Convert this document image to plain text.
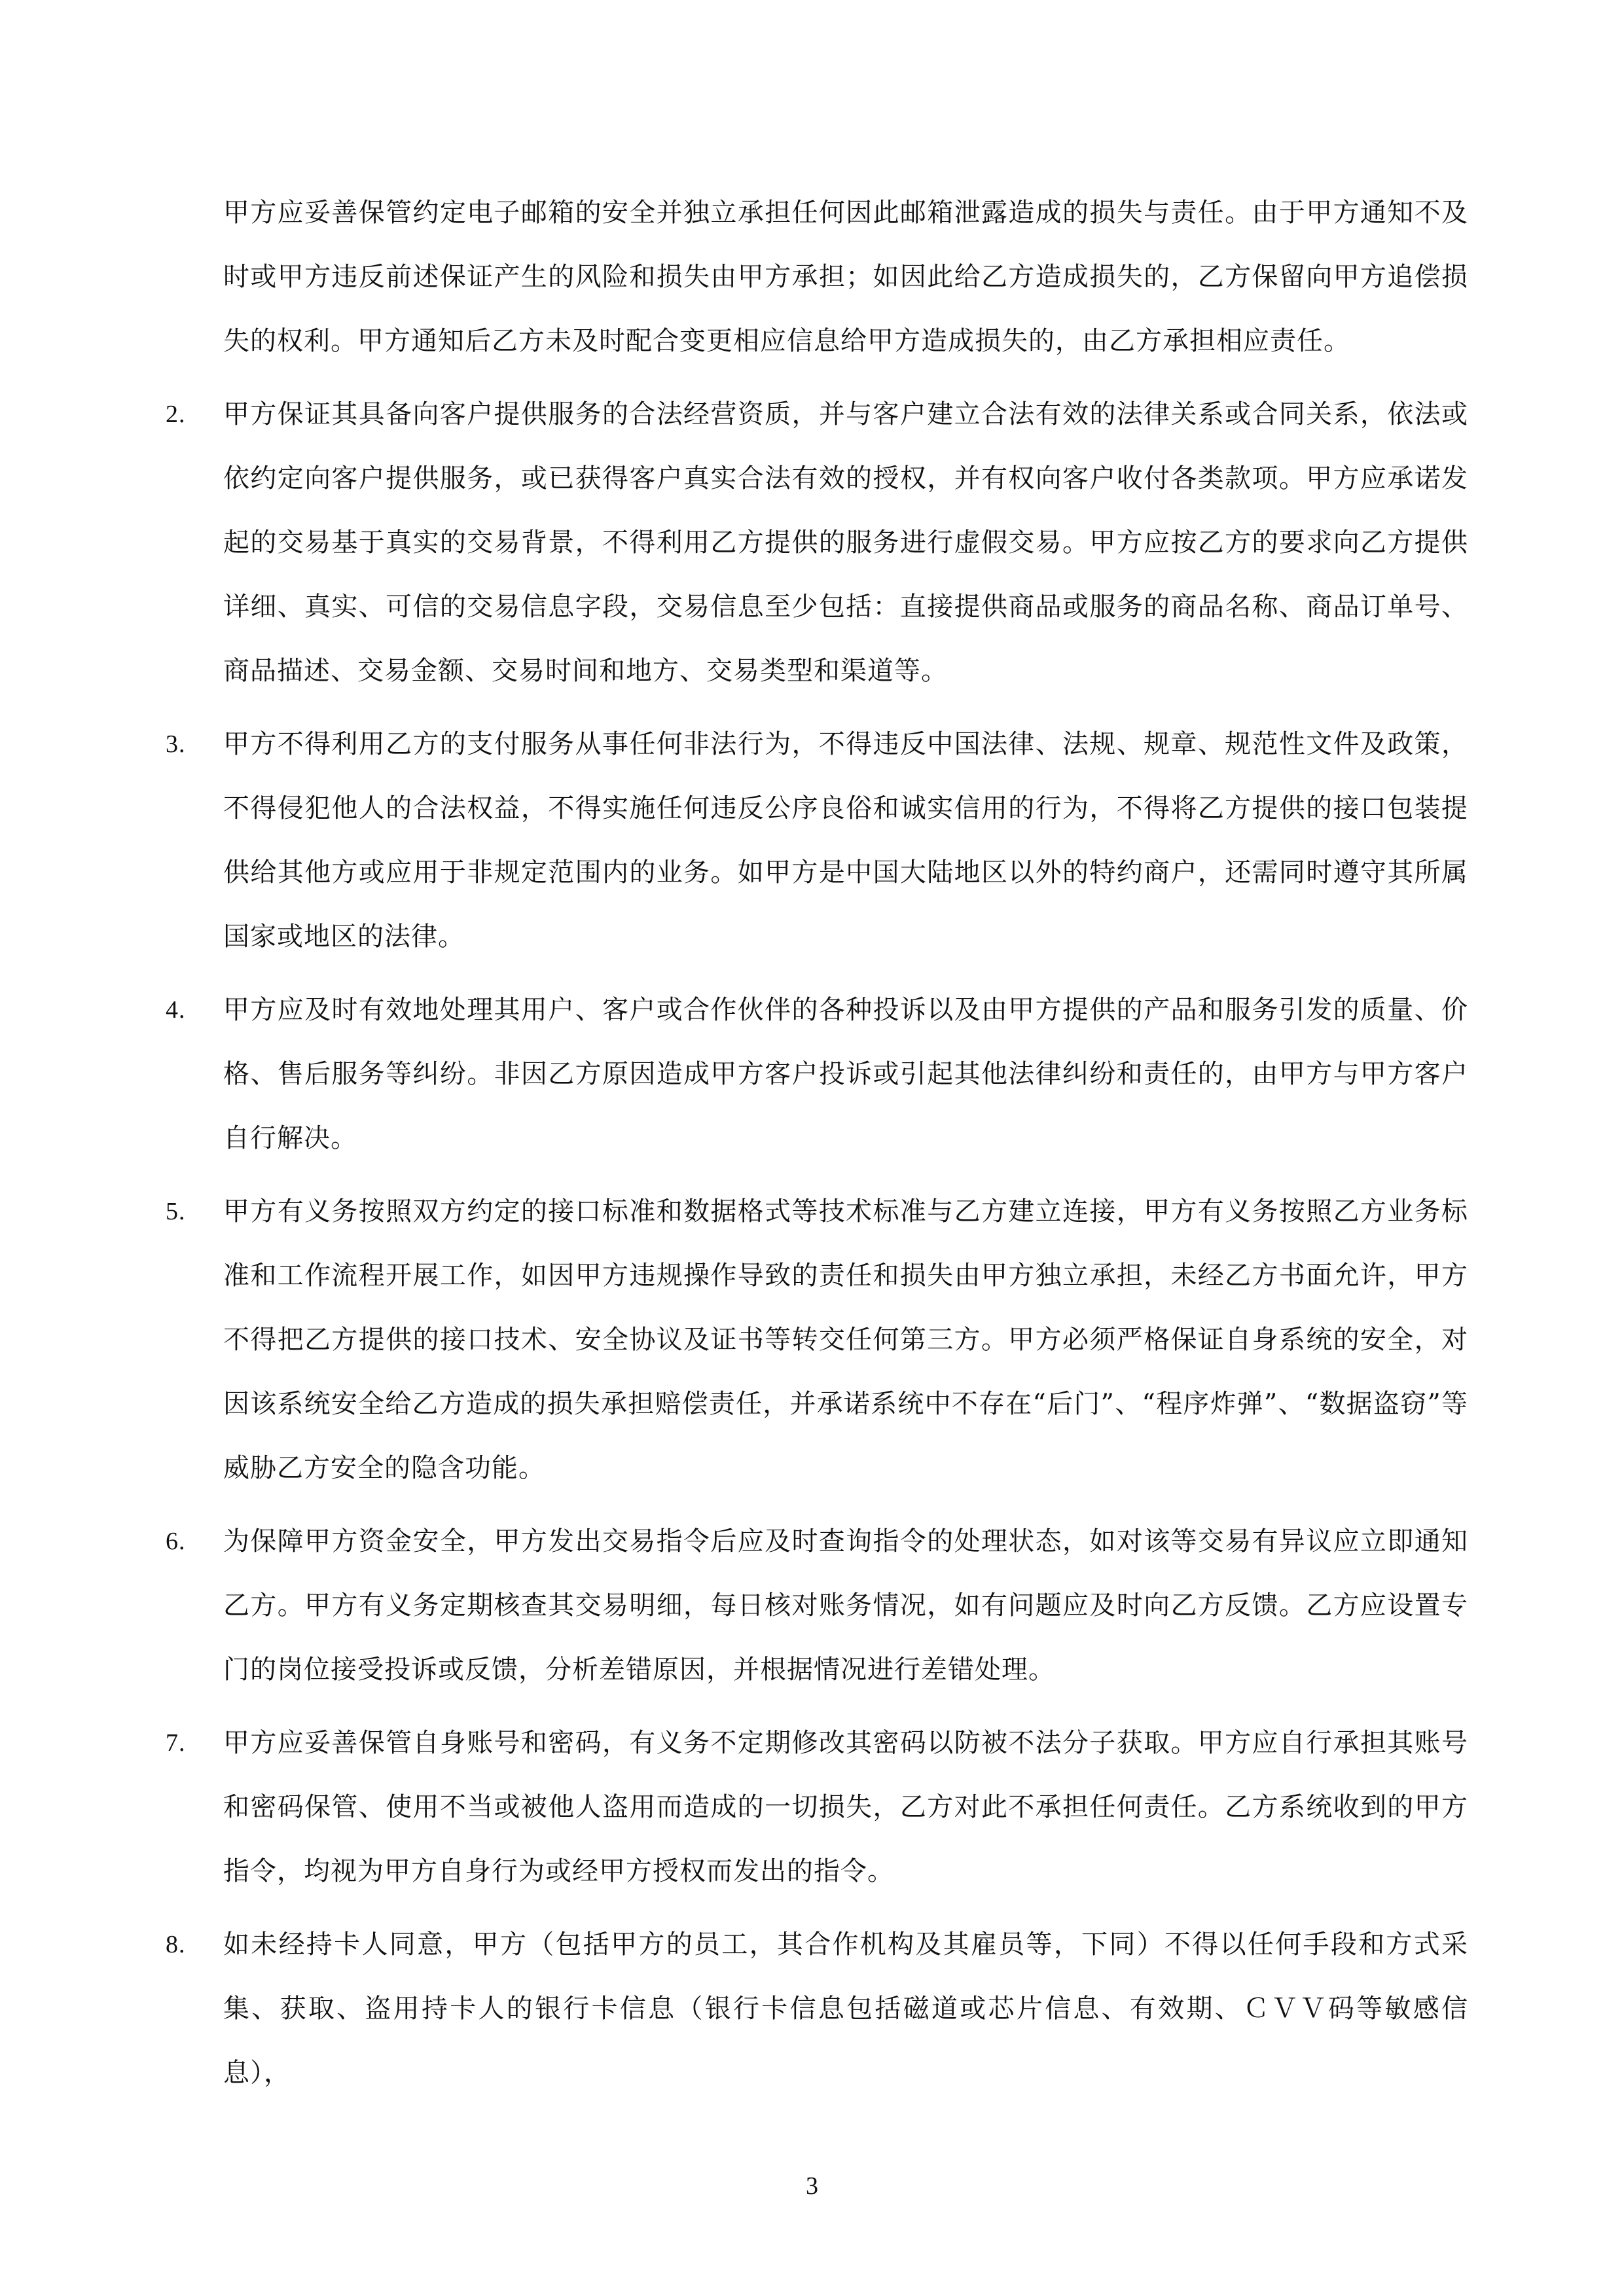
甲方应妥善保管约定电子邮箱的安全并独立承担任何因此邮箱泄露造成的损失与责任。由于甲方通知不及时或甲方违反前述保证产生的风险和损失由甲方承担；如因此给乙方造成损失的，乙方保留向甲方追偿损失的权利。甲方通知后乙方未及时配合变更相应信息给甲方造成损失的，由乙方承担相应责任。

2. 甲方保证其具备向客户提供服务的合法经营资质，并与客户建立合法有效的法律关系或合同关系，依法或依约定向客户提供服务，或已获得客户真实合法有效的授权，并有权向客户收付各类款项。甲方应承诺发起的交易基于真实的交易背景，不得利用乙方提供的服务进行虚假交易。甲方应按乙方的要求向乙方提供详细、真实、可信的交易信息字段，交易信息至少包括：直接提供商品或服务的商品名称、商品订单号、商品描述、交易金额、交易时间和地方、交易类型和渠道等。
3. 甲方不得利用乙方的支付服务从事任何非法行为，不得违反中国法律、法规、规章、规范性文件及政策，不得侵犯他人的合法权益，不得实施任何违反公序良俗和诚实信用的行为，不得将乙方提供的接口包装提供给其他方或应用于非规定范围内的业务。如甲方是中国大陆地区以外的特约商户，还需同时遵守其所属国家或地区的法律。
4. 甲方应及时有效地处理其用户、客户或合作伙伴的各种投诉以及由甲方提供的产品和服务引发的质量、价格、售后服务等纠纷。非因乙方原因造成甲方客户投诉或引起其他法律纠纷和责任的，由甲方与甲方客户自行解决。
5. 甲方有义务按照双方约定的接口标准和数据格式等技术标准与乙方建立连接，甲方有义务按照乙方业务标准和工作流程开展工作，如因甲方违规操作导致的责任和损失由甲方独立承担，未经乙方书面允许，甲方不得把乙方提供的接口技术、安全协议及证书等转交任何第三方。甲方必须严格保证自身系统的安全，对因该系统安全给乙方造成的损失承担赔偿责任，并承诺系统中不存在“后门”、“程序炸弹”、“数据盗窃”等威胁乙方安全的隐含功能。
6. 为保障甲方资金安全，甲方发出交易指令后应及时查询指令的处理状态，如对该等交易有异议应立即通知乙方。甲方有义务定期核查其交易明细，每日核对账务情况，如有问题应及时向乙方反馈。乙方应设置专门的岗位接受投诉或反馈，分析差错原因，并根据情况进行差错处理。
7. 甲方应妥善保管自身账号和密码，有义务不定期修改其密码以防被不法分子获取。甲方应自行承担其账号和密码保管、使用不当或被他人盗用而造成的一切损失，乙方对此不承担任何责任。乙方系统收到的甲方指令，均视为甲方自身行为或经甲方授权而发出的指令。
8. 如未经持卡人同意，甲方（包括甲方的员工，其合作机构及其雇员等，下同）不得以任何手段和方式采集、获取、盗用持卡人的银行卡信息（银行卡信息包括磁道或芯片信息、有效期、ＣＶＶ码等敏感信息），
3
